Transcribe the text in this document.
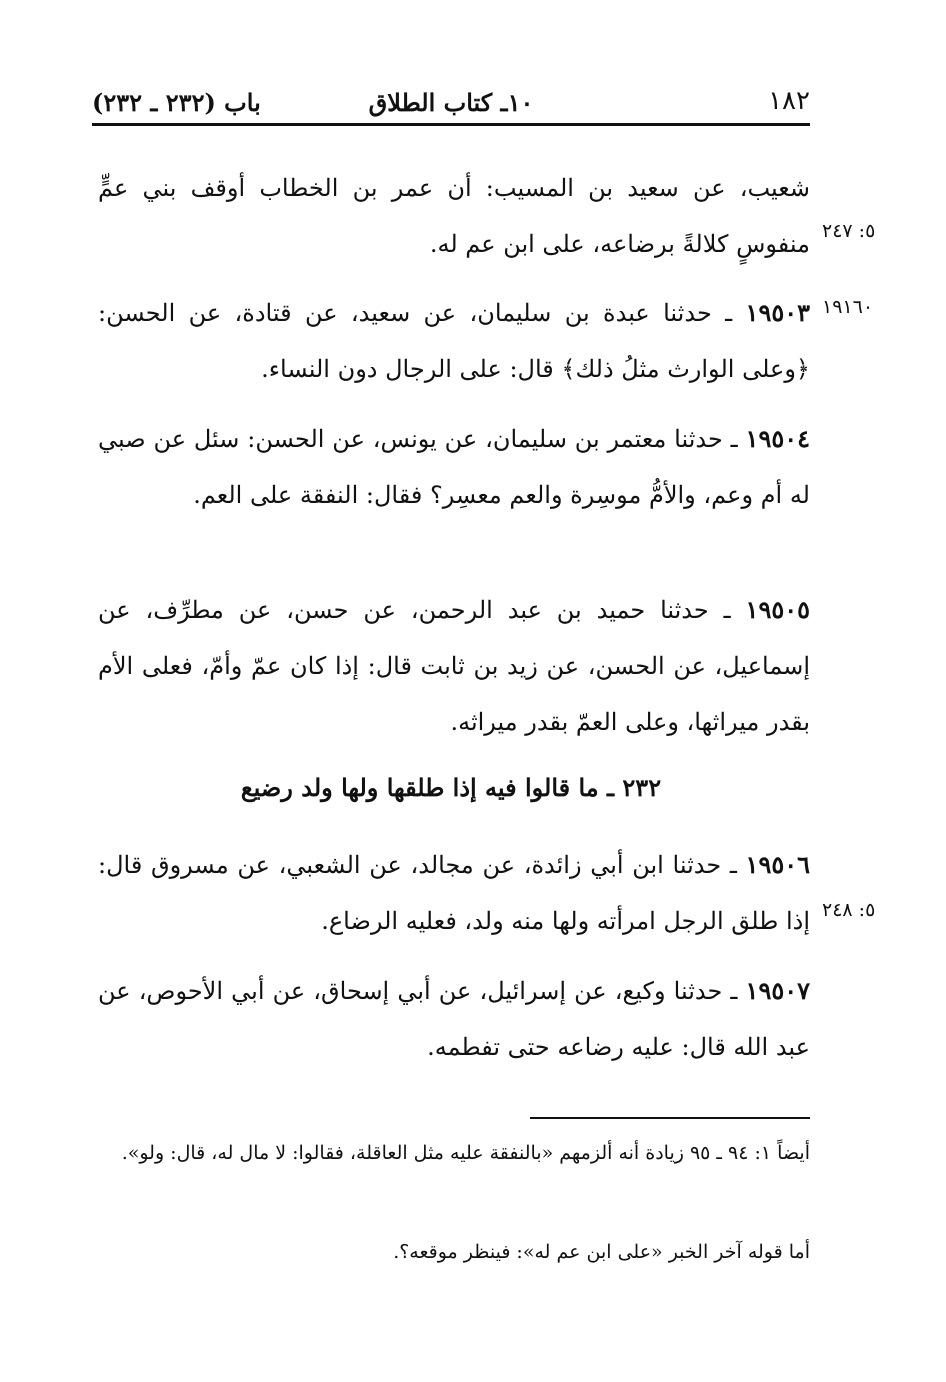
١٨٢
١٠ـ كتاب الطلاق
باب (٢٣٢ ـ ٢٣٢)
٥: ٢٤٧
١٩١٦٠
٥: ٢٤٨

شعيب، عن سعيد بن المسيب: أن عمر بن الخطاب أوقف بني عمٍّ منفوسٍ كلالةً برضاعه، على ابن عم له.

١٩٥٠٣ ـ حدثنا عبدة بن سليمان، عن سعيد، عن قتادة، عن الحسن: ﴿وعلى الوارث مثلُ ذلك﴾ قال: على الرجال دون النساء.

١٩٥٠٤ ـ حدثنا معتمر بن سليمان، عن يونس، عن الحسن: سئل عن صبي له أم وعم، والأمُّ موسِرة والعم معسِر؟ فقال: النفقة على العم.

١٩٥٠٥ ـ حدثنا حميد بن عبد الرحمن، عن حسن، عن مطرِّف، عن إسماعيل، عن الحسن، عن زيد بن ثابت قال: إذا كان عمّ وأمّ، فعلى الأم بقدر ميراثها، وعلى العمّ بقدر ميراثه.

٢٣٢ ـ ما قالوا فيه إذا طلقها ولها ولد رضيع

١٩٥٠٦ ـ حدثنا ابن أبي زائدة، عن مجالد، عن الشعبي، عن مسروق قال: إذا طلق الرجل امرأته ولها منه ولد، فعليه الرضاع.

١٩٥٠٧ ـ حدثنا وكيع، عن إسرائيل، عن أبي إسحاق، عن أبي الأحوص، عن عبد الله قال: عليه رضاعه حتى تفطمه.

أيضاً ١: ٩٤ ـ ٩٥ زيادة أنه ألزمهم «بالنفقة عليه مثل العاقلة، فقالوا: لا مال له، قال: ولو».

أما قوله آخر الخبر «على ابن عم له»: فينظر موقعه؟.
